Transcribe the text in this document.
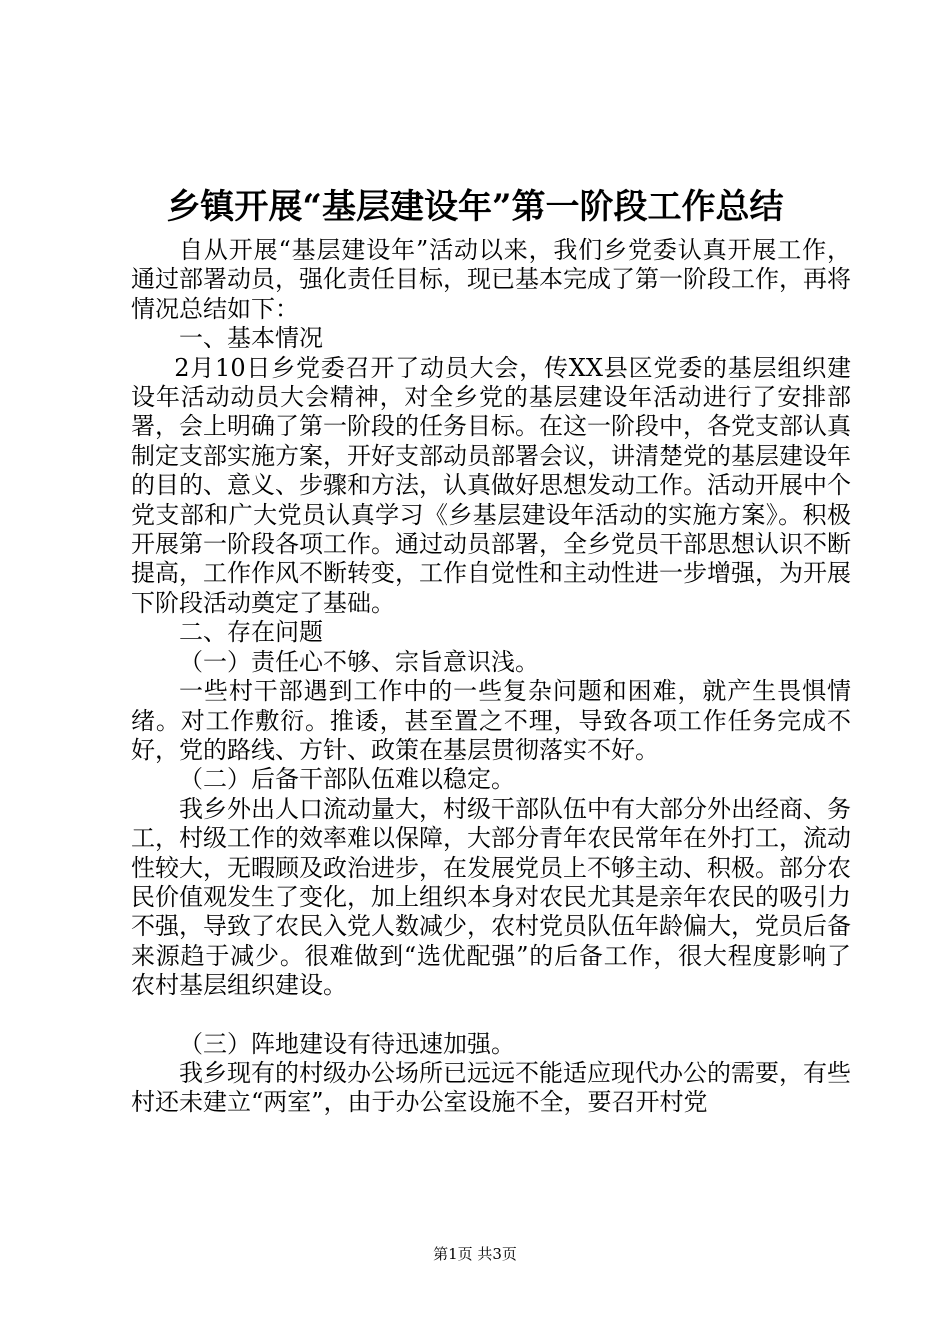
乡镇开展“基层建设年”第一阶段工作总结

自从开展“基层建设年”活动以来，我们乡党委认真开展工作，通过部署动员，强化责任目标，现已基本完成了第一阶段工作，再将情况总结如下：

一、基本情况

2月10日乡党委召开了动员大会，传XX县区党委的基层组织建设年活动动员大会精神，对全乡党的基层建设年活动进行了安排部署，会上明确了第一阶段的任务目标。在这一阶段中，各党支部认真制定支部实施方案，开好支部动员部署会议，讲清楚党的基层建设年的目的、意义、步骤和方法，认真做好思想发动工作。活动开展中个党支部和广大党员认真学习《乡基层建设年活动的实施方案》。积极开展第一阶段各项工作。通过动员部署，全乡党员干部思想认识不断提高，工作作风不断转变，工作自觉性和主动性进一步增强，为开展下阶段活动奠定了基础。

二、存在问题

（一）责任心不够、宗旨意识浅。

一些村干部遇到工作中的一些复杂问题和困难，就产生畏惧情绪。对工作敷衍。推诿，甚至置之不理，导致各项工作任务完成不好，党的路线、方针、政策在基层贯彻落实不好。

（二）后备干部队伍难以稳定。

我乡外出人口流动量大，村级干部队伍中有大部分外出经商、务工，村级工作的效率难以保障，大部分青年农民常年在外打工，流动性较大，无暇顾及政治进步，在发展党员上不够主动、积极。部分农民价值观发生了变化，加上组织本身对农民尤其是亲年农民的吸引力不强，导致了农民入党人数减少，农村党员队伍年龄偏大，党员后备来源趋于减少。很难做到“选优配强”的后备工作，很大程度影响了农村基层组织建设。

（三）阵地建设有待迅速加强。

我乡现有的村级办公场所已远远不能适应现代办公的需要，有些村还未建立“两室”，由于办公室设施不全，要召开村党

第1页 共3页
